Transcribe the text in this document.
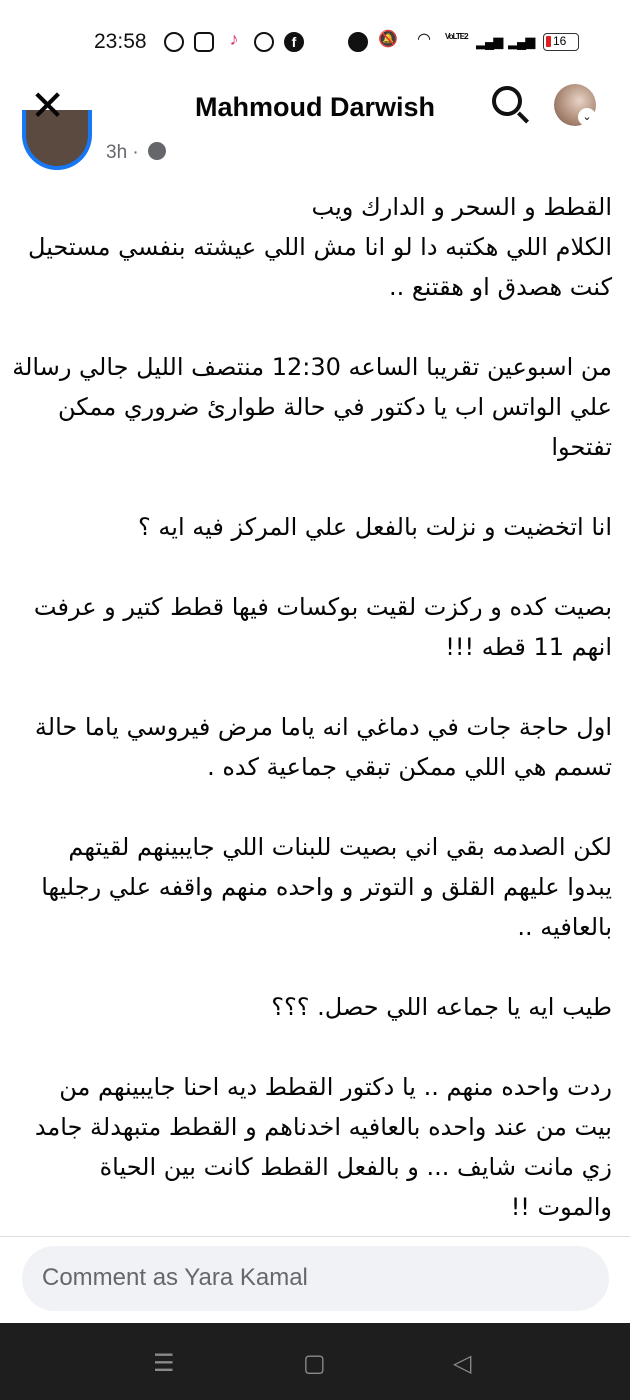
23:58	♪	f	🔕 ◠	VoLTE2 ▂▄▆ ▂▄▆	16
Mahmoud Darwish
✕	⌄
3h ·
القطط و السحر و الدارك ويب
الكلام اللي هكتبه دا لو انا مش اللي عيشته بنفسي مستحيل
كنت هصدق او هقتنع ..
من اسبوعين تقريبا الساعه 12:30 منتصف الليل جالي رسالة
علي الواتس اب يا دكتور في حالة طوارئ ضروري ممكن
تفتحوا
انا اتخضيت و نزلت بالفعل علي المركز فيه ايه ؟
بصيت كده و ركزت لقيت بوكسات فيها قطط كتير و عرفت
انهم 11 قطه !!!
اول حاجة جات في دماغي انه ياما مرض فيروسي ياما حالة
تسمم هي اللي ممكن تبقي جماعية كده .
لكن الصدمه بقي اني بصيت للبنات اللي جايبينهم لقيتهم
يبدوا عليهم القلق و التوتر و واحده منهم واقفه علي رجليها
بالعافيه ..
طيب ايه يا جماعه اللي حصل. ؟؟؟
ردت واحده منهم .. يا دكتور القطط ديه احنا جايبينهم من
بيت من عند واحده بالعافيه اخدناهم و القطط متبهدلة جامد
زي مانت شايف ... و بالفعل القطط كانت بين الحياة
والموت !!
Comment as Yara Kamal
☰	▢	◁
